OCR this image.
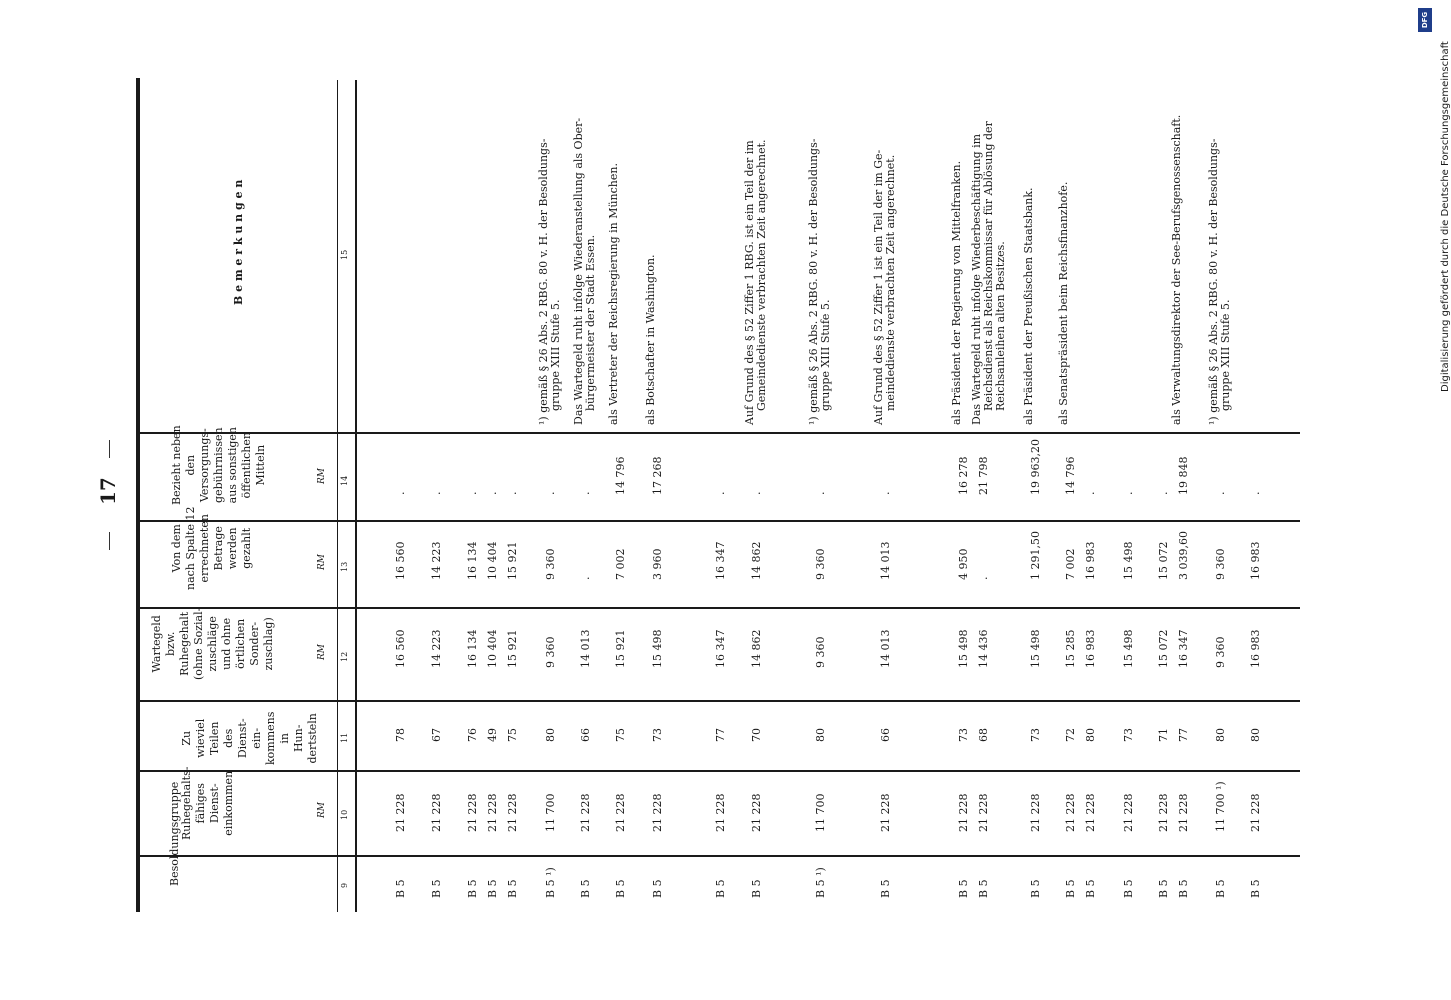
17
Besoldungsgruppe Ruhegehalts-
fähiges
Dienst-
einkommen
Zu
wieviel
Teilen
des
Dienst-
ein-
kommens
in
Hun-
dertsteln
Wartegeld
bzw.
Ruhegehalt
(ohne Sozial-
zuschläge
und ohne
örtlichen
Sonder-
zuschlag)
Von dem
nach Spalte 12
errechneten
Betrage
werden
gezahlt
Bezieht neben
den
Versorgungs-
gebührnissen
aus sonstigen
öffentlichen
Mitteln
B e m e r k u n g e n
RM
RM
RM
RM
9
10
11
12
13
14
15
B 5
21 228
78
16 560
16 560
.
B 5
21 228
67
14 223
14 223
.
B 5
21 228
76
16 134
16 134
.
B 5
21 228
49
10 404
10 404
.
B 5
21 228
75
15 921
15 921
.
B 5 ¹)
11 700
80
9 360
9 360
.
¹) gemäß § 26 Abs. 2 RBG. 80 v. H. der Besoldungs-
gruppe XIII Stufe 5.
B 5
21 228
66
14 013
.
.
Das Wartegeld ruht infolge Wiederanstellung als Ober-
bürgermeister der Stadt Essen.
B 5
21 228
75
15 921
7 002
14 796
als Vertreter der Reichsregierung in München.
B 5
21 228
73
15 498
3 960
17 268
als Botschafter in Washington.
B 5
21 228
77
16 347
16 347
.
B 5
21 228
70
14 862
14 862
.
Auf Grund des § 52 Ziffer 1 RBG. ist ein Teil der im
Gemeindedienste verbrachten Zeit angerechnet.
B 5 ¹)
11 700
80
9 360
9 360
.
¹) gemäß § 26 Abs. 2 RBG. 80 v. H. der Besoldungs-
gruppe XIII Stufe 5.
B 5
21 228
66
14 013
14 013
.
Auf Grund des § 52 Ziffer 1 ist ein Teil der im Ge-
meindedienste verbrachten Zeit angerechnet.
B 5
21 228
73
15 498
4 950
16 278
als Präsident der Regierung von Mittelfranken.
B 5
21 228
68
14 436
.
21 798
Das Wartegeld ruht infolge Wiederbeschäftigung im
Reichsdienst als Reichskommissar für Ablösung der
Reichsanleihen alten Besitzes.
B 5
21 228
73
15 498
1 291,50
19 963,20
als Präsident der Preußischen Staatsbank.
B 5
21 228
72
15 285
7 002
14 796
als Senatspräsident beim Reichsfinanzhofe.
B 5
21 228
80
16 983
16 983
.
B 5
21 228
73
15 498
15 498
.
B 5
21 228
71
15 072
15 072
.
B 5
21 228
77
16 347
3 039,60
19 848
als Verwaltungsdirektor der See-Berufsgenossenschaft.
B 5
11 700 ¹)
80
9 360
9 360
.
¹) gemäß § 26 Abs. 2 RBG. 80 v. H. der Besoldungs-
gruppe XIII Stufe 5.
B 5
21 228
80
16 983
16 983
.
DFG
Digitalisierung gefördert durch die Deutsche Forschungsgemeinschaft
